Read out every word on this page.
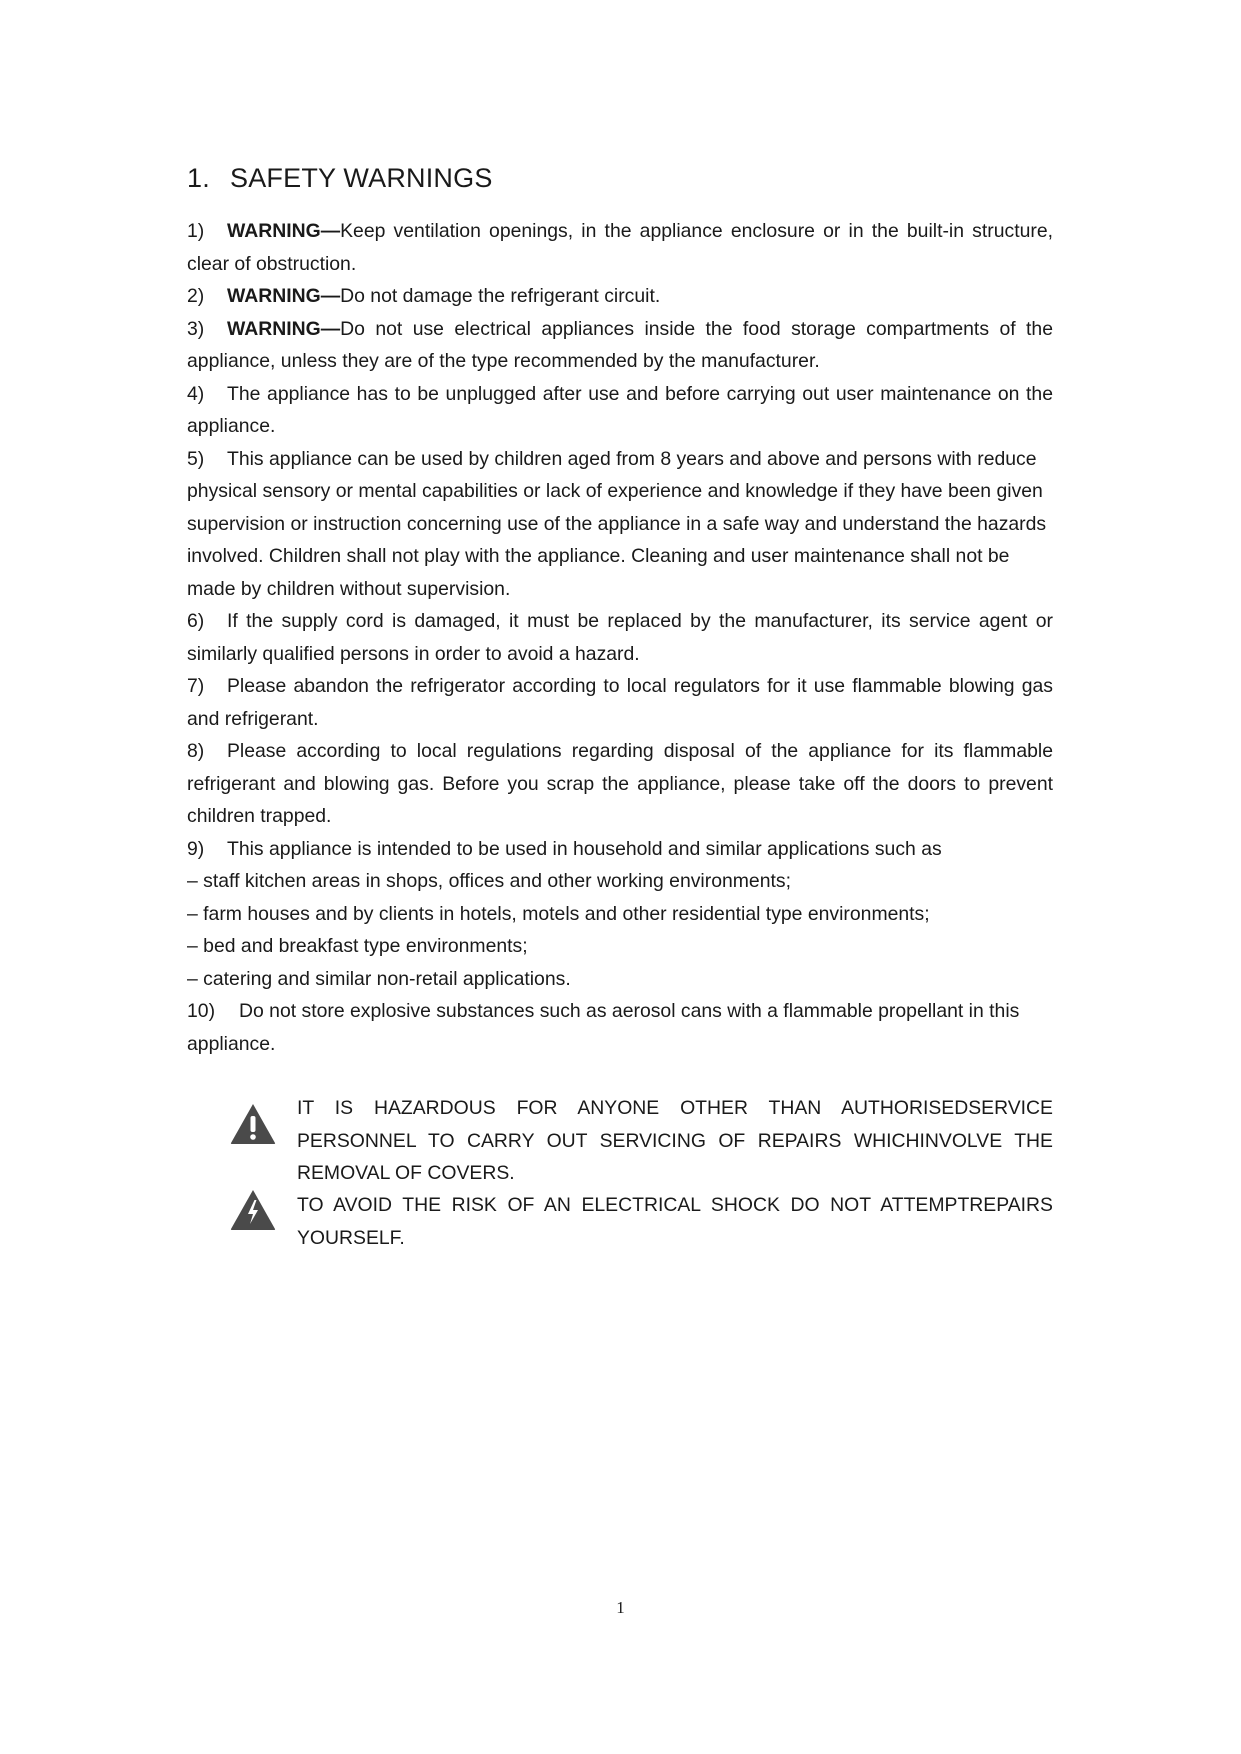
1. SAFETY WARNINGS

1) WARNING—Keep ventilation openings, in the appliance enclosure or in the built-in structure, clear of obstruction.

2) WARNING—Do not damage the refrigerant circuit.

3) WARNING—Do not use electrical appliances inside the food storage compartments of the appliance, unless they are of the type recommended by the manufacturer.

4) The appliance has to be unplugged after use and before carrying out user maintenance on the appliance.

5) This appliance can be used by children aged from 8 years and above and persons with reduce physical sensory or mental capabilities or lack of experience and knowledge if they have been given supervision or instruction concerning use of the appliance in a safe way and understand the hazards involved. Children shall not play with the appliance. Cleaning and user maintenance shall not be made by children without supervision.

6) If the supply cord is damaged, it must be replaced by the manufacturer, its service agent or similarly qualified persons in order to avoid a hazard.

7) Please abandon the refrigerator according to local regulators for it use flammable blowing gas and refrigerant.

8) Please according to local regulations regarding disposal of the appliance for its flammable refrigerant and blowing gas. Before you scrap the appliance, please take off the doors to prevent children trapped.

9) This appliance is intended to be used in household and similar applications such as

– staff kitchen areas in shops, offices and other working environments;

– farm houses and by clients in hotels, motels and other residential type environments;

– bed and breakfast type environments;

– catering and similar non-retail applications.

10) Do not store explosive substances such as aerosol cans with a flammable propellant in this appliance.

IT IS HAZARDOUS FOR ANYONE OTHER THAN AUTHORISEDSERVICE PERSONNEL TO CARRY OUT SERVICING OF REPAIRS WHICHINVOLVE THE REMOVAL OF COVERS.
TO AVOID THE RISK OF AN ELECTRICAL SHOCK DO NOT ATTEMPTREPAIRS YOURSELF.
1
